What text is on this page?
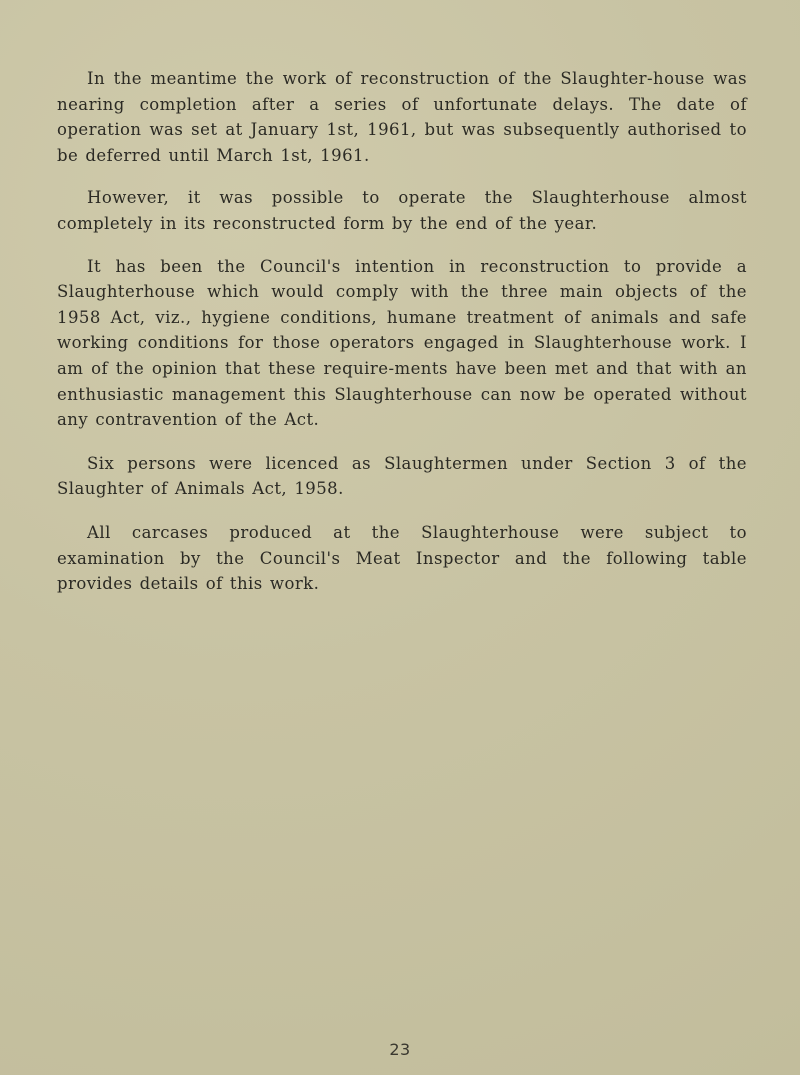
In the meantime the work of reconstruction of the Slaughter-house was nearing completion after a series of unfortunate delays. The date of operation was set at January 1st, 1961, but was subsequently authorised to be deferred until March 1st, 1961.

However, it was possible to operate the Slaughterhouse almost completely in its reconstructed form by the end of the year.

It has been the Council's intention in reconstruction to provide a Slaughterhouse which would comply with the three main objects of the 1958 Act, viz., hygiene conditions, humane treatment of animals and safe working conditions for those operators engaged in Slaughterhouse work. I am of the opinion that these require-ments have been met and that with an enthusiastic management this Slaughterhouse can now be operated without any contravention of the Act.

Six persons were licenced as Slaughtermen under Section 3 of the Slaughter of Animals Act, 1958.

All carcases produced at the Slaughterhouse were subject to examination by the Council's Meat Inspector and the following table provides details of this work.

23
